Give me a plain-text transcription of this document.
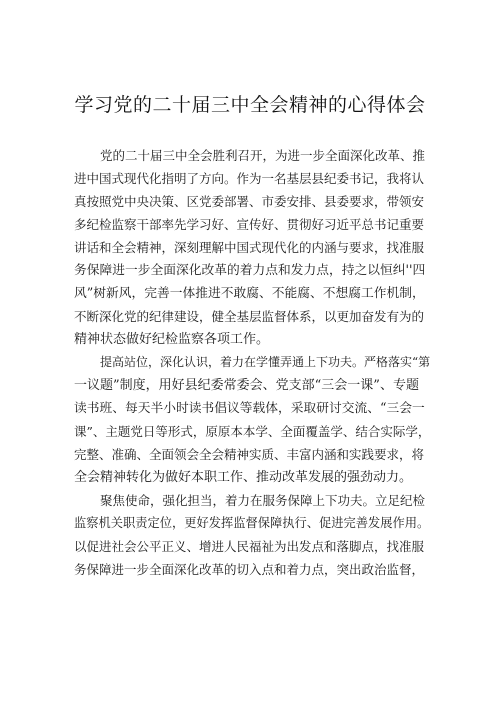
学习党的二十届三中全会精神的心得体会

党的二十届三中全会胜利召开，为进一步全面深化改革、推
进中国式现代化指明了方向。作为一名基层县纪委书记，我将认
真按照党中央决策、区党委部署、市委安排、县委要求，带领安
多纪检监察干部率先学习好、宣传好、贯彻好习近平总书记重要
讲话和全会精神，深刻理解中国式现代化的内涵与要求，找准服
务保障进一步全面深化改革的着力点和发力点，持之以恒纠''四
风”树新风，完善一体推进不敢腐、不能腐、不想腐工作机制，
不断深化党的纪律建设，健全基层监督体系，以更加奋发有为的
精神状态做好纪检监察各项工作。

提高站位，深化认识，着力在学懂弄通上下功夫。严格落实“第
一议题”制度，用好县纪委常委会、党支部“三会一课”、专题
读书班、每天半小时读书倡议等载体，采取研讨交流、“三会一
课”、主题党日等形式，原原本本学、全面覆盖学、结合实际学，
完整、准确、全面领会全会精神实质、丰富内涵和实践要求，将
全会精神转化为做好本职工作、推动改革发展的强劲动力。

聚焦使命，强化担当，着力在服务保障上下功夫。立足纪检
监察机关职责定位，更好发挥监督保障执行、促进完善发展作用。
以促进社会公平正义、增进人民福祉为出发点和落脚点，找准服
务保障进一步全面深化改革的切入点和着力点，突出政治监督，
